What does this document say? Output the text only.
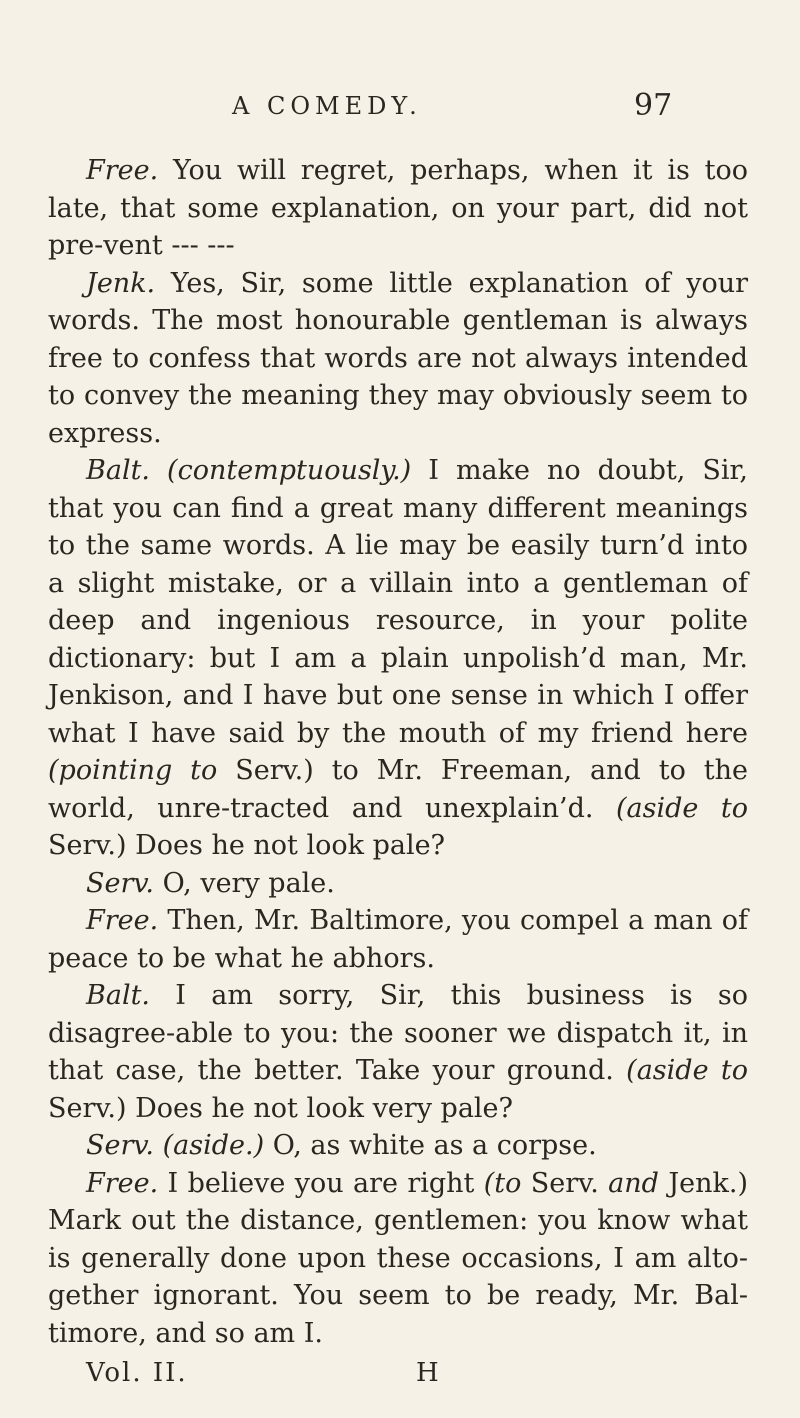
A COMEDY.	97

Free. You will regret, perhaps, when it is too late, that some explanation, on your part, did not pre-vent --- ---

Jenk. Yes, Sir, some little explanation of your words. The most honourable gentleman is always free to confess that words are not always intended to convey the meaning they may obviously seem to express.

Balt. (contemptuously.) I make no doubt, Sir, that you can find a great many different meanings to the same words. A lie may be easily turn’d into a slight mistake, or a villain into a gentleman of deep and ingenious resource, in your polite dictionary: but I am a plain unpolish’d man, Mr. Jenkison, and I have but one sense in which I offer what I have said by the mouth of my friend here (pointing to Serv.) to Mr. Freeman, and to the world, unre-tracted and unexplain’d. (aside to Serv.) Does he not look pale?

Serv. O, very pale.

Free. Then, Mr. Baltimore, you compel a man of peace to be what he abhors.

Balt. I am sorry, Sir, this business is so disagree-able to you: the sooner we dispatch it, in that case, the better. Take your ground. (aside to Serv.) Does he not look very pale?

Serv. (aside.) O, as white as a corpse.

Free. I believe you are right (to Serv. and Jenk.) Mark out the distance, gentlemen: you know what is generally done upon these occasions, I am alto-gether ignorant. You seem to be ready, Mr. Bal-timore, and so am I.

Vol. II.	H
